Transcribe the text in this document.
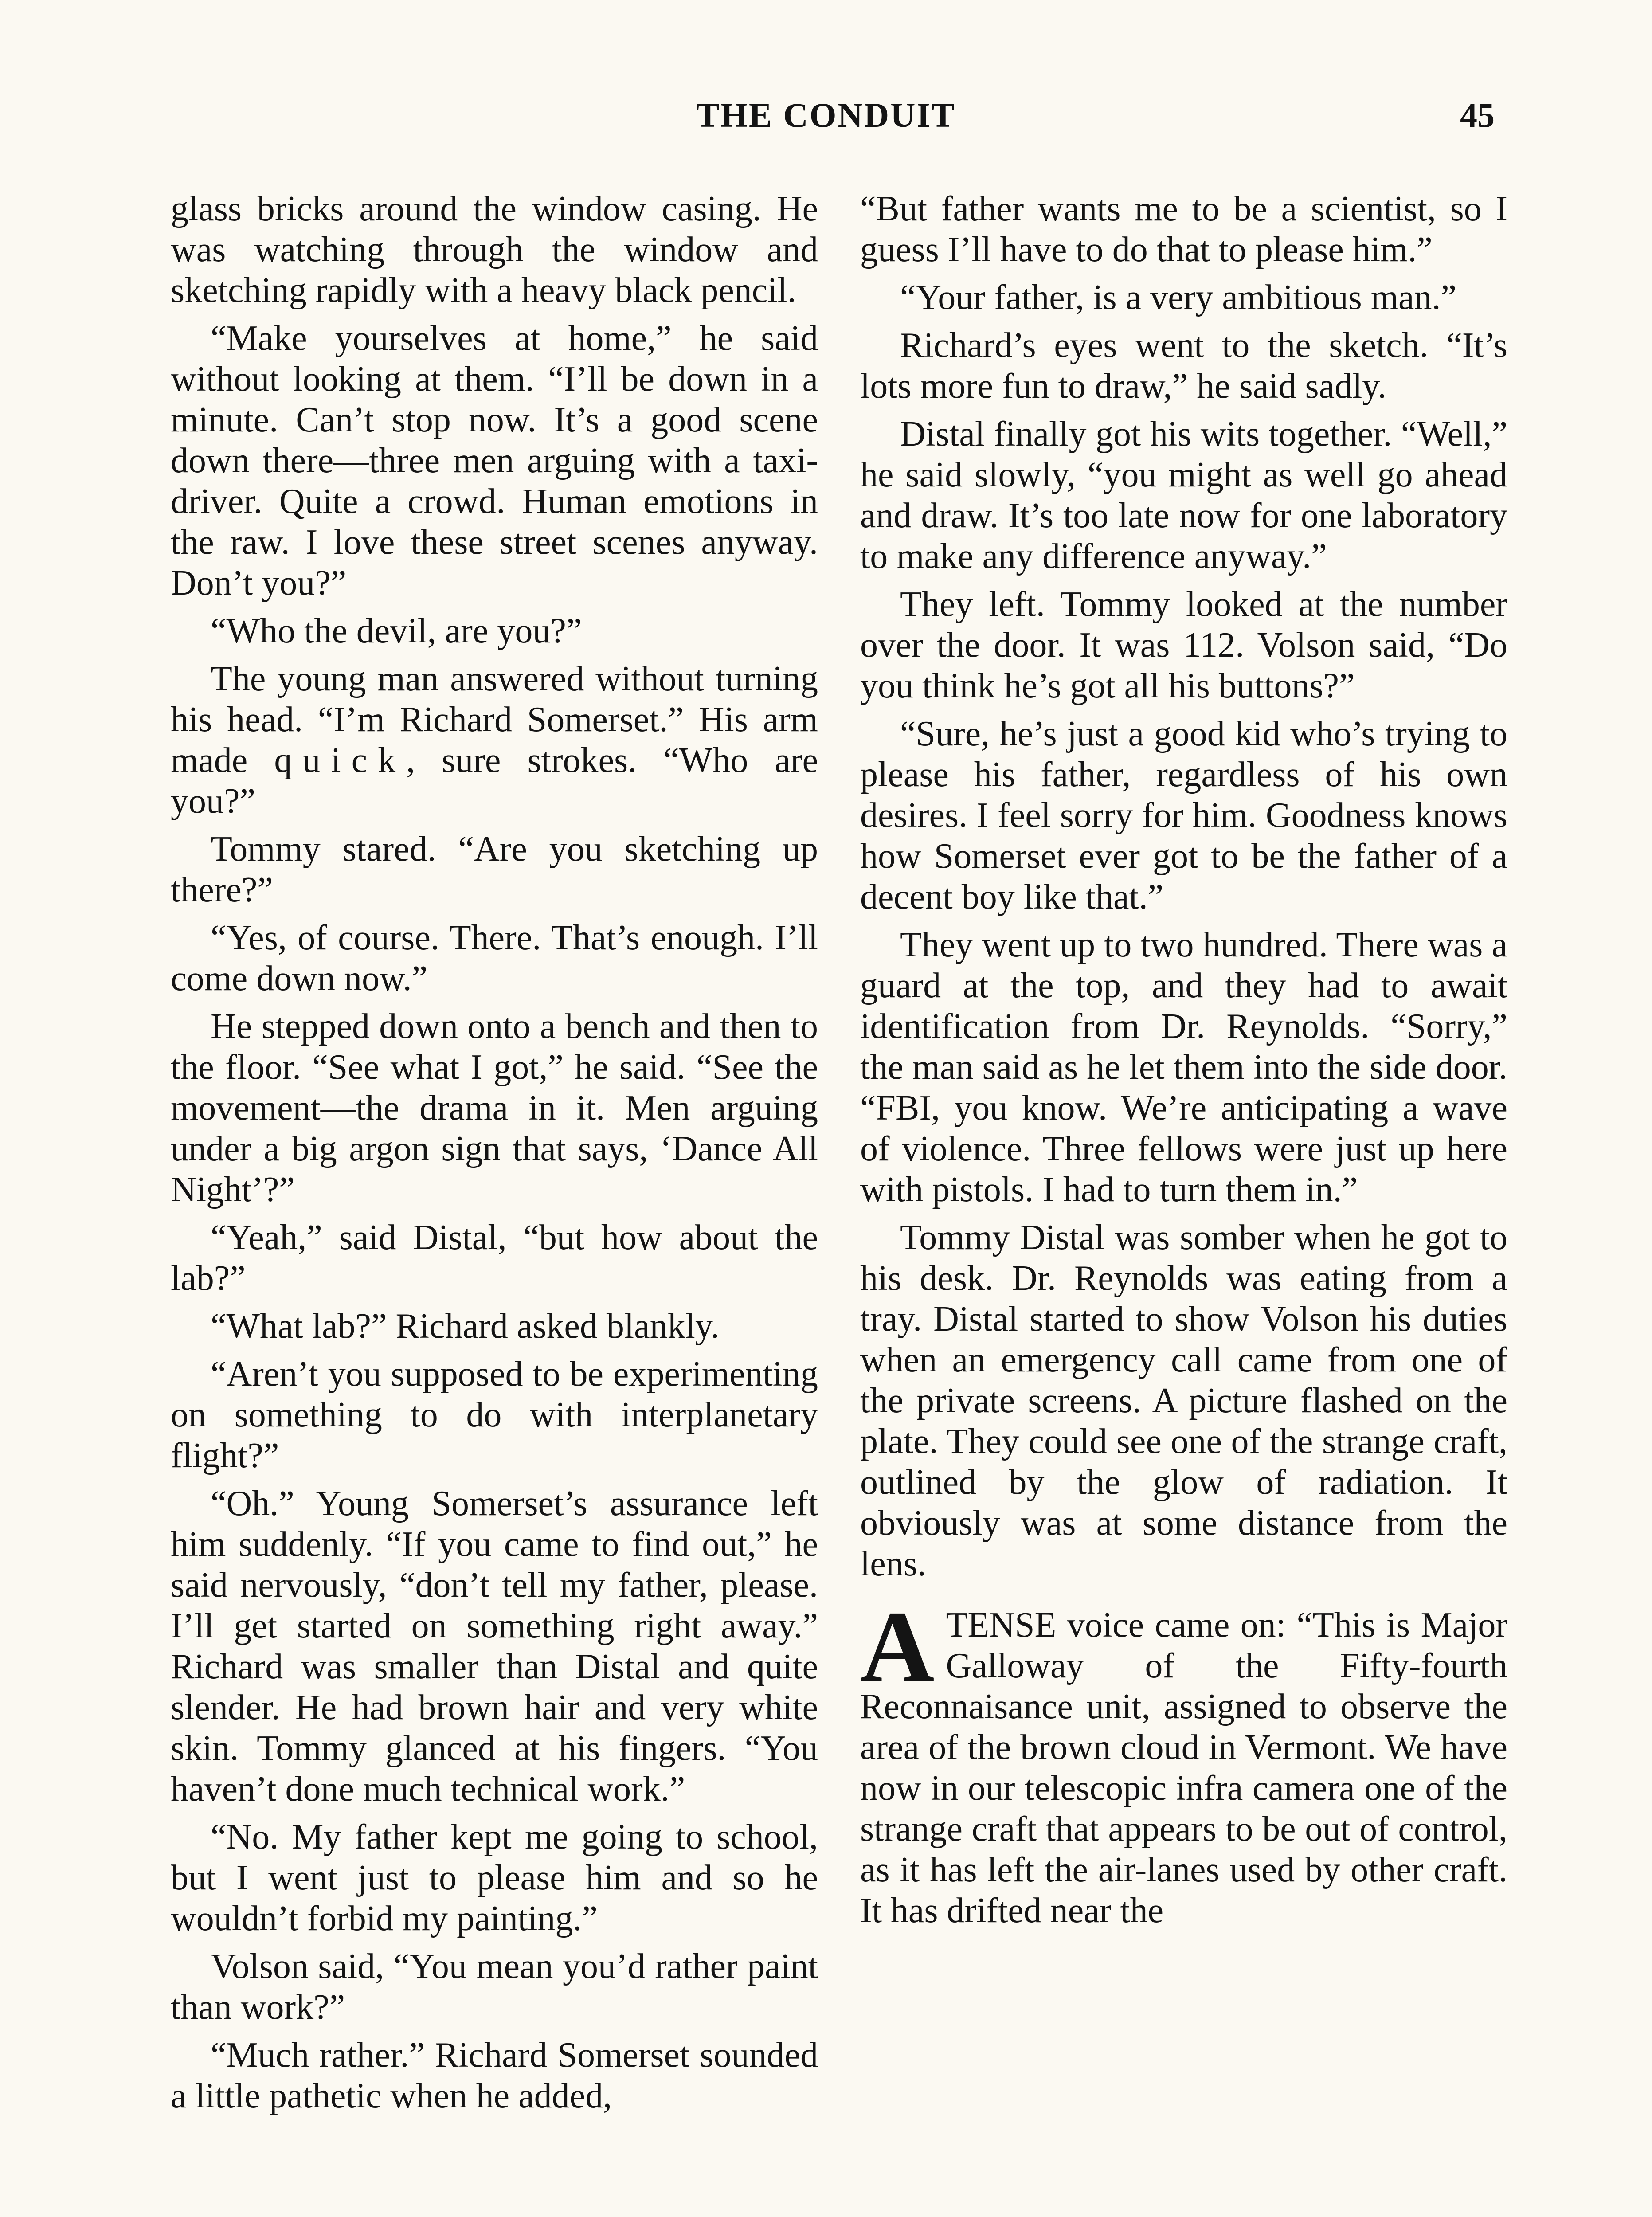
THE CONDUIT	45

glass bricks around the window casing. He was watching through the window and sketching rapidly with a heavy black pencil.

“Make yourselves at home,” he said without looking at them. “I’ll be down in a minute. Can’t stop now. It’s a good scene down there—three men arguing with a taxi-driver. Quite a crowd. Human emotions in the raw. I love these street scenes anyway. Don’t you?”

“Who the devil, are you?”

The young man answered without turning his head. “I’m Richard Somerset.” His arm made quick, sure strokes. “Who are you?”

Tommy stared. “Are you sketching up there?”

“Yes, of course. There. That’s enough. I’ll come down now.”

He stepped down onto a bench and then to the floor. “See what I got,” he said. “See the movement—the drama in it. Men arguing under a big argon sign that says, ‘Dance All Night’?”

“Yeah,” said Distal, “but how about the lab?”

“What lab?” Richard asked blankly.

“Aren’t you supposed to be experimenting on something to do with interplanetary flight?”

“Oh.” Young Somerset’s assurance left him suddenly. “If you came to find out,” he said nervously, “don’t tell my father, please. I’ll get started on something right away.” Richard was smaller than Distal and quite slender. He had brown hair and very white skin. Tommy glanced at his fingers. “You haven’t done much technical work.”

“No. My father kept me going to school, but I went just to please him and so he wouldn’t forbid my painting.”

Volson said, “You mean you’d rather paint than work?”

“Much rather.” Richard Somerset sounded a little pathetic when he added,

“But father wants me to be a scientist, so I guess I’ll have to do that to please him.”

“Your father, is a very ambitious man.”

Richard’s eyes went to the sketch. “It’s lots more fun to draw,” he said sadly.

Distal finally got his wits together. “Well,” he said slowly, “you might as well go ahead and draw. It’s too late now for one laboratory to make any difference anyway.”

They left. Tommy looked at the number over the door. It was 112. Volson said, “Do you think he’s got all his buttons?”

“Sure, he’s just a good kid who’s trying to please his father, regardless of his own desires. I feel sorry for him. Goodness knows how Somerset ever got to be the father of a decent boy like that.”

They went up to two hundred. There was a guard at the top, and they had to await identification from Dr. Reynolds. “Sorry,” the man said as he let them into the side door. “FBI, you know. We’re anticipating a wave of violence. Three fellows were just up here with pistols. I had to turn them in.”

Tommy Distal was somber when he got to his desk. Dr. Reynolds was eating from a tray. Distal started to show Volson his duties when an emergency call came from one of the private screens. A picture flashed on the plate. They could see one of the strange craft, outlined by the glow of radiation. It obviously was at some distance from the lens.

ATENSE voice came on: “This is Major Galloway of the Fifty-fourth Reconnaisance unit, assigned to observe the area of the brown cloud in Vermont. We have now in our telescopic infra camera one of the strange craft that appears to be out of control, as it has left the air-lanes used by other craft. It has drifted near the
